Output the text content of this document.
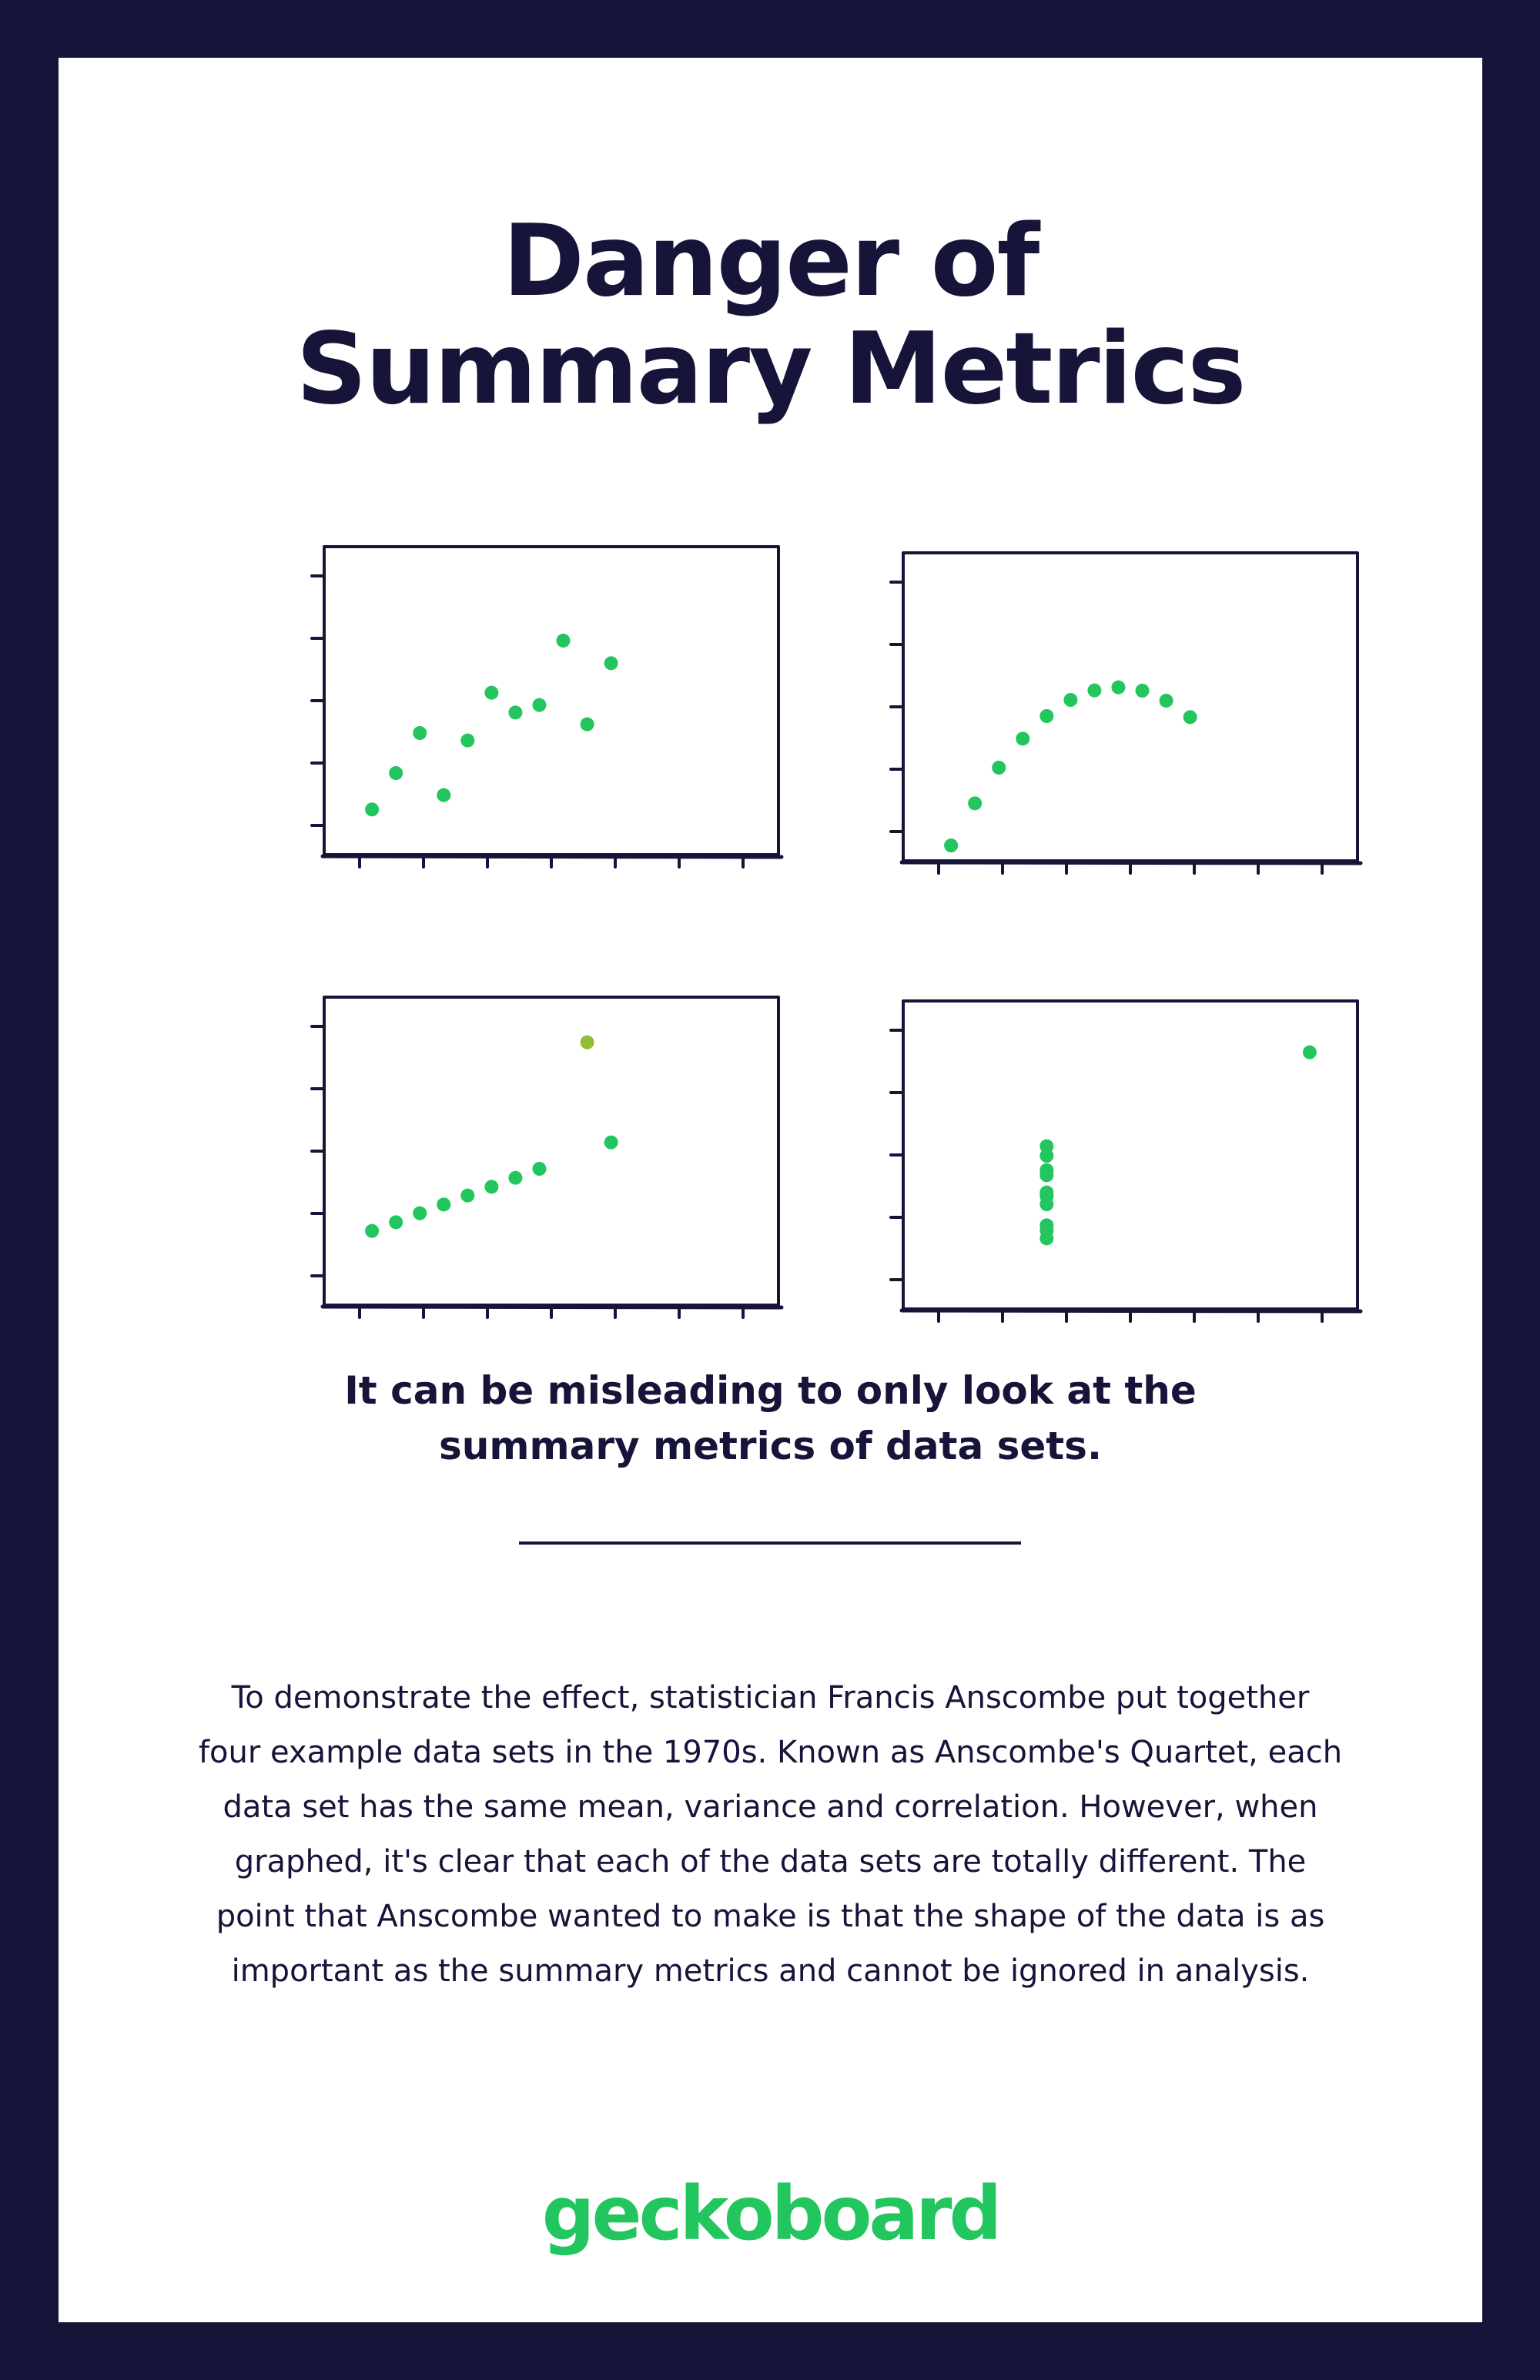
Danger of
Summary Metrics
It can be misleading to only look at the
summary metrics of data sets.

To demonstrate the effect, statistician Francis Anscombe put together
four example data sets in the 1970s. Known as Anscombe's Quartet, each
data set has the same mean, variance and correlation. However, when
graphed, it's clear that each of the data sets are totally different. The
point that Anscombe wanted to make is that the shape of the data is as
important as the summary metrics and cannot be ignored in analysis.

geckoboard
